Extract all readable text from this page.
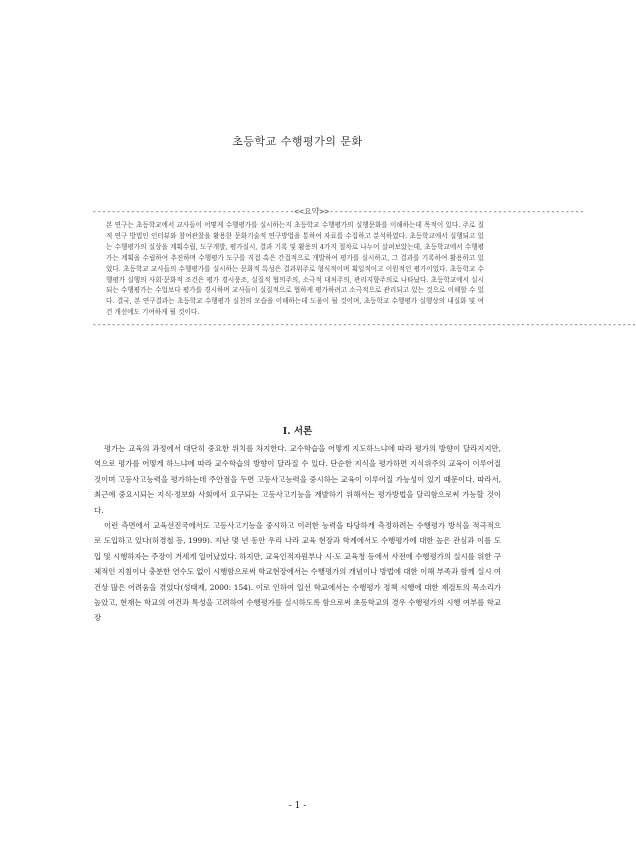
초등학교 수행평가의 문화
------------------------------------------<<요약>>-----------------------------------------------------

본 연구는 초등학교에서 교사들이 어떻게 수행평가를 실시하는지 초등학교 수행평가의 실행문화를 이해하는데 목적이 있다. 주로 질적 연구 방법인 인터뷰와 참여관찰을 활용한 문화기술적 연구방법을 통하여 자료를 수집하고 분석하였다. 초등학교에서 실행되고 있는 수행평가의 실상을 계획수립, 도구개발, 평가실시, 결과 기록 및 활용의 4가지 절차로 나누어 살펴보았는데, 초등학교에서 수행평가는 계획을 수립하여 추진하며 수행평가 도구를 직접 혹은 간접적으로 개발하여 평가를 실시하고, 그 결과를 기록하여 활용하고 있었다. 초등학교 교사들의 수행평가를 실시하는 문화적 특성은 결과위주로 형식적이며 획일적이고 이원적인 평가이었다. 초등학교 수행평가 실행의 사회·문화적 조건은 평가 경시풍조, 실질적 협의주의, 소극적 대처주의, 관리지향주의로 나타났다. 초등학교에서 실시되는 수행평가는 수업보다 평가를 경시하며 교사들이 실질적으로 협하게 평가하려고 소극적으로 관리되고 있는 것으로 이해할 수 있다. 결국, 본 연구결과는 초등학교 수행평가 실천의 모습을 이해하는데 도움이 될 것이며, 초등학교 수행평가 실행상의 내실화 및 여건 개선에도 기여하게 될 것이다.

-----------------------------------------------------------------------------------------------------------------
I. 서론

평가는 교육의 과정에서 대단히 중요한 위치를 차지한다. 교수학습을 어떻게 지도하느냐에 따라 평가의 방향이 달라지지만, 역으로 평가를 어떻게 하느냐에 따라 교수학습의 방향이 달라질 수 있다. 단순한 지식을 평가하면 지식위주의 교육이 이루어질 것이며 고등사고능력을 평가하는데 주안점을 두면 고등사고능력을 중시하는 교육이 이루어질 가능성이 있기 때문이다. 따라서, 최근에 중요시되는 지식·정보화 사회에서 요구되는 고등사고기능을 계발하기 위해서는 평가방법을 달리함으로써 가능할 것이다.

이런 측면에서 교육선진국에서도 고등사고기능을 중시하고 이러한 능력을 타당하게 측정하려는 수행평가 방식을 적극적으로 도입하고 있다(허경철 등, 1999). 지난 몇 년 동안 우리 나라 교육 현장과 학계에서도 수행평가에 대한 높은 관심과 이를 도입 및 시행하자는 주장이 거세게 일어났었다. 하지만, 교육인적자원부나 시·도 교육청 등에서 사전에 수행평가의 실시를 위한 구체적인 지침이나 충분한 연수도 없이 시행함으로써 학교현장에서는 수행평가의 개념이나 방법에 대한 이해 부족과 함께 실시 여건상 많은 어려움을 겪었다(성태제, 2000: 154). 이로 인하여 일선 학교에서는 수행평가 정책 시행에 대한 재검토의 목소리가 높았고, 현재는 학교의 여건과 특성을 고려하여 수행평가를 실시하도록 함으로써 초등학교의 경우 수행평가의 시행 여부를 학교장

- 1 -
